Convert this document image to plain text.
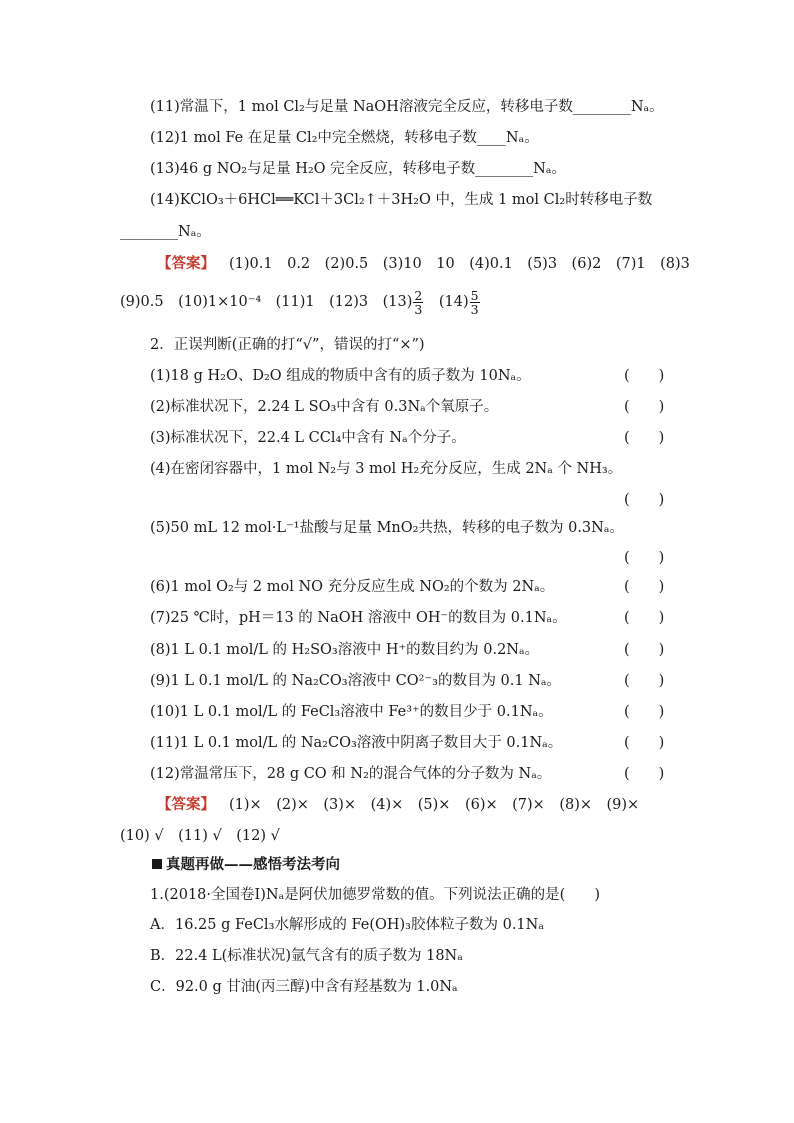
(11)常温下，1 mol Cl₂与足量 NaOH溶液完全反应，转移电子数________Nₐ。
(12)1 mol Fe 在足量 Cl₂中完全燃烧，转移电子数____Nₐ。
(13)46 g NO₂与足量 H₂O 完全反应，转移电子数________Nₐ。
(14)KClO₃＋6HCl══KCl＋3Cl₂↑＋3H₂O 中，生成 1 mol Cl₂时转移电子数
________Nₐ。
【答案】 (1)0.1　0.2　(2)0.5　(3)10　10　(4)0.1　(5)3　(6)2　(7)1　(8)3
(9)0.5　(10)1×10⁻⁴　(11)1　(12)3　$(13) \frac{2}{3}$ 　$(14) \frac{5}{3}$
2．正误判断(正确的打“√”，错误的打“×”)
(1)18 g H₂O、D₂O 组成的物质中含有的质子数为 10Nₐ。	(　　)
(2)标准状况下，2.24 L SO₃中含有 0.3Nₐ个氧原子。	(　　)
(3)标准状况下，22.4 L CCl₄中含有 Nₐ个分子。	(　　)
(4)在密闭容器中，1 mol N₂与 3 mol H₂充分反应，生成 2Nₐ 个 NH₃。
(　　)
(5)50 mL 12 mol·L⁻¹盐酸与足量 MnO₂共热，转移的电子数为 0.3Nₐ。
(　　)
(6)1 mol O₂与 2 mol NO 充分反应生成 NO₂的个数为 2Nₐ。	(　　)
(7)25 ℃时，pH＝13 的 NaOH 溶液中 OH⁻的数目为 0.1Nₐ。	(　　)
(8)1 L 0.1 mol/L 的 H₂SO₃溶液中 H⁺的数目约为 0.2Nₐ。	(　　)
(9)1 L 0.1 mol/L 的 Na₂CO₃溶液中 CO²⁻₃的数目为 0.1 Nₐ。	(　　)
(10)1 L 0.1 mol/L 的 FeCl₃溶液中 Fe³⁺的数目少于 0.1Nₐ。	(　　)
(11)1 L 0.1 mol/L 的 Na₂CO₃溶液中阴离子数目大于 0.1Nₐ。	(　　)
(12)常温常压下，28 g CO 和 N₂的混合气体的分子数为 Nₐ。	(　　)
【答案】 (1)×　(2)×　(3)×　(4)×　(5)×　(6)×　(7)×　(8)×　(9)×
(10) √　(11) √　(12) √
真题再做——感悟考法考向
1.(2018·全国卷Ⅰ)Nₐ是阿伏加德罗常数的值。下列说法正确的是(　　)
A．16.25 g FeCl₃水解形成的 Fe(OH)₃胶体粒子数为 0.1Nₐ
B．22.4 L(标准状况)氩气含有的质子数为 18Nₐ
C．92.0 g 甘油(丙三醇)中含有羟基数为 1.0Nₐ
